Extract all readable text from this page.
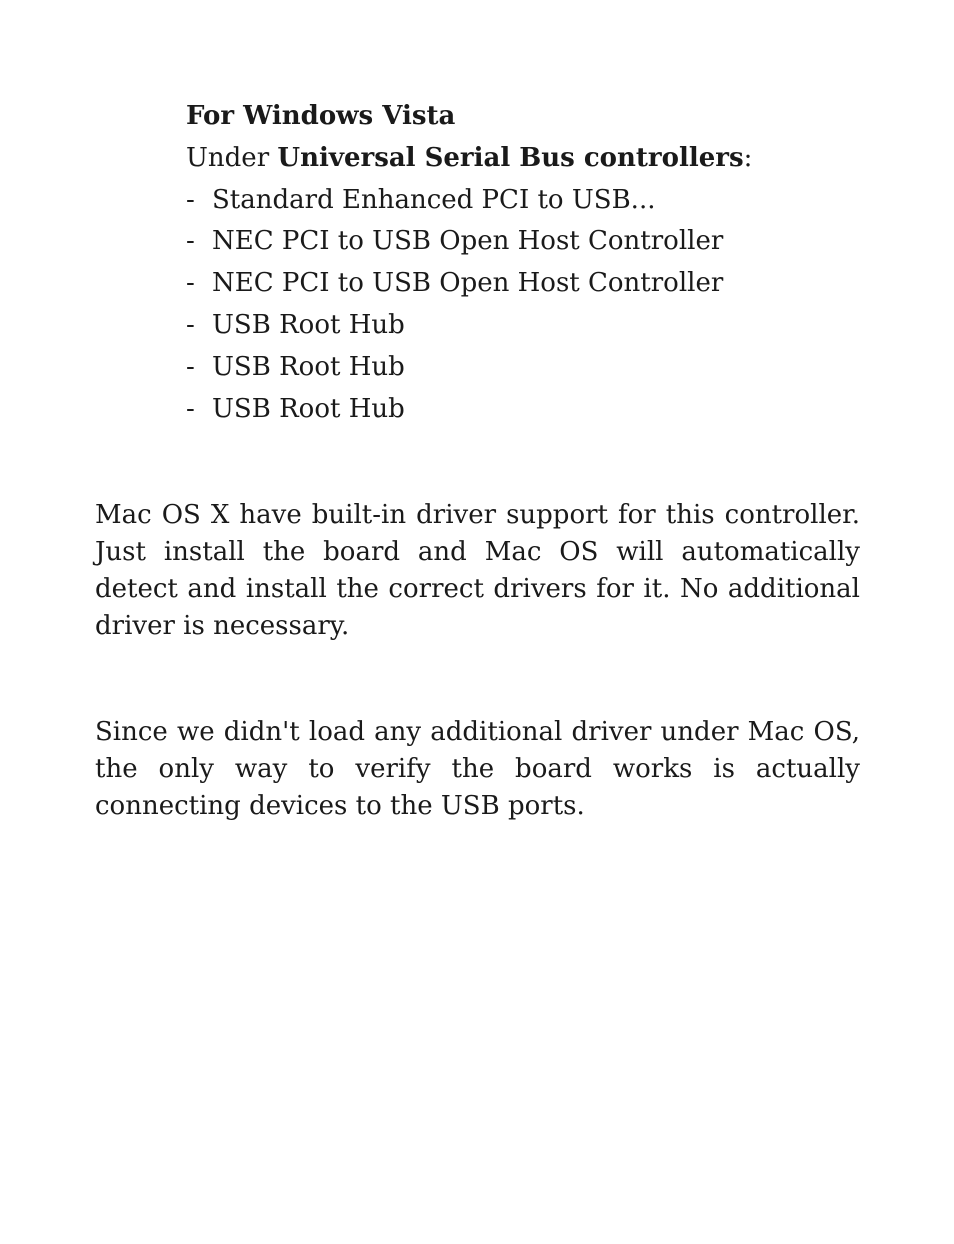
For Windows Vista

Under Universal Serial Bus controllers:

- Standard Enhanced PCI to USB...
- NEC PCI to USB Open Host Controller
- NEC PCI to USB Open Host Controller
- USB Root Hub
- USB Root Hub
- USB Root Hub

Mac OS X have built-in driver support for this controller. Just install the board and Mac OS will automatically detect and install the correct drivers for it. No additional driver is necessary.

Since we didn't load any additional driver under Mac OS, the only way to verify the board works is actually connecting devices to the USB ports.
